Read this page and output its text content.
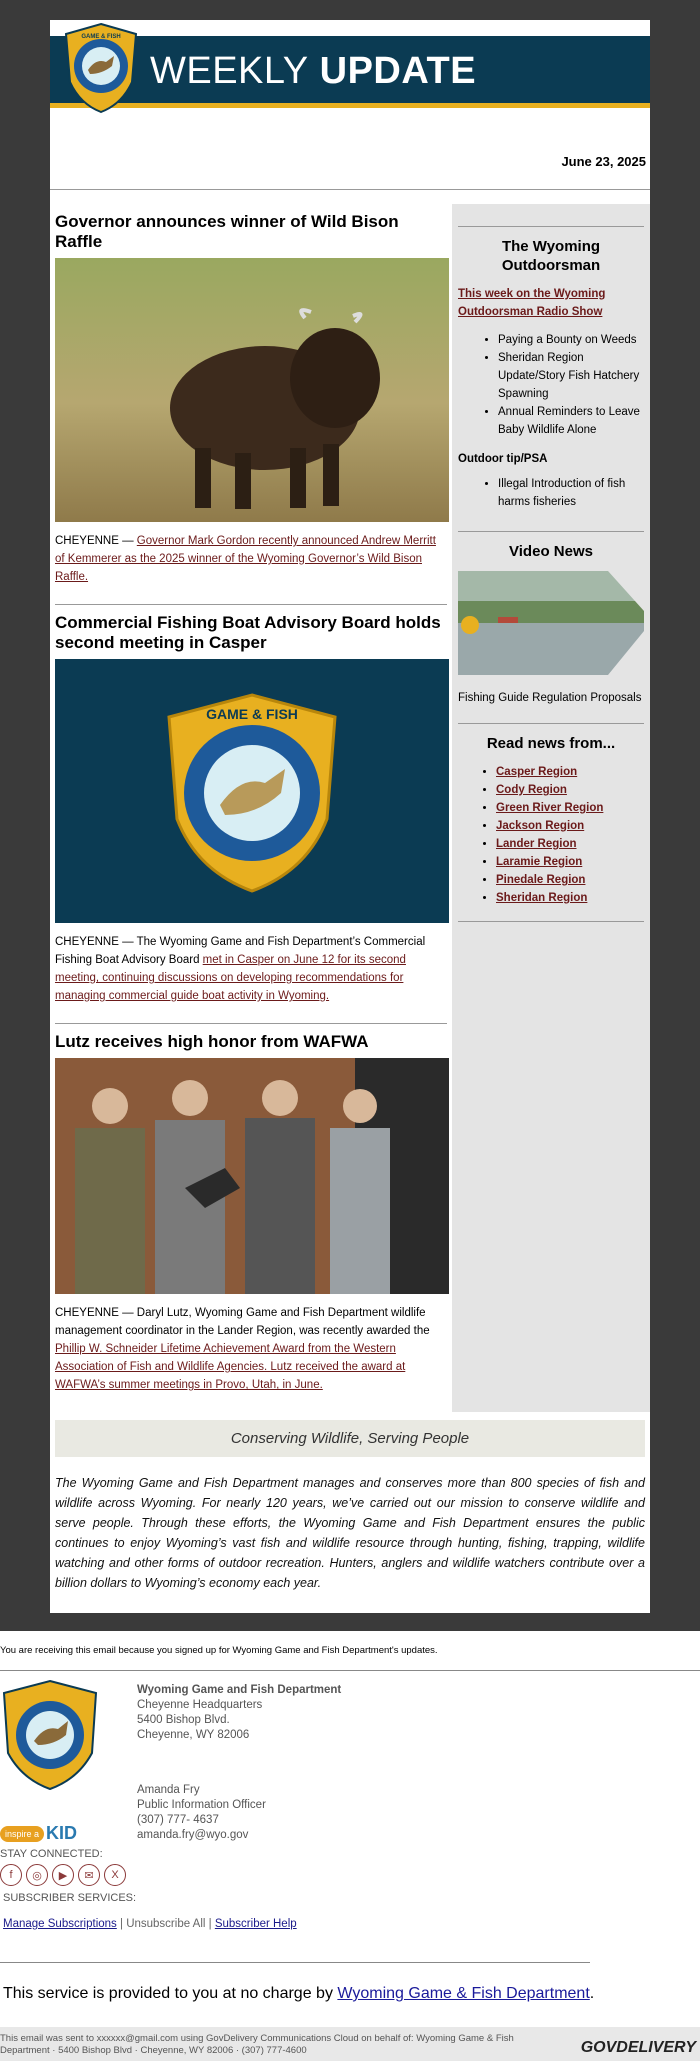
WEEKLY UPDATE
GAME & FISH
June 23, 2025
Governor announces winner of Wild Bison Raffle

CHEYENNE — Governor Mark Gordon recently announced Andrew Merritt of Kemmerer as the 2025 winner of the Wyoming Governor’s Wild Bison Raffle.

Commercial Fishing Boat Advisory Board holds second meeting in Casper
GAME & FISH

CHEYENNE — The Wyoming Game and Fish Department’s Commercial Fishing Boat Advisory Board met in Casper on June 12 for its second meeting, continuing discussions on developing recommendations for managing commercial guide boat activity in Wyoming.

Lutz receives high honor from WAFWA

CHEYENNE — Daryl Lutz, Wyoming Game and Fish Department wildlife management coordinator in the Lander Region, was recently awarded the Phillip W. Schneider Lifetime Achievement Award from the Western Association of Fish and Wildlife Agencies. Lutz received the award at WAFWA’s summer meetings in Provo, Utah, in June.

The Wyoming Outdoorsman

This week on the Wyoming Outdoorsman Radio Show

• Paying a Bounty on Weeds
• Sheridan Region Update/Story Fish Hatchery Spawning
• Annual Reminders to Leave Baby Wildlife Alone
Outdoor tip/PSA
• Illegal Introduction of fish harms fisheries
Video News

Fishing Guide Regulation Proposals

Read news from...
• Casper Region
• Cody Region
• Green River Region
• Jackson Region
• Lander Region
• Laramie Region
• Pinedale Region
• Sheridan Region
Conserving Wildlife, Serving People

The Wyoming Game and Fish Department manages and conserves more than 800 species of fish and wildlife across Wyoming. For nearly 120 years, we’ve carried out our mission to conserve wildlife and serve people. Through these efforts, the Wyoming Game and Fish Department ensures the public continues to enjoy Wyoming’s vast fish and wildlife resource through hunting, fishing, trapping, wildlife watching and other forms of outdoor recreation. Hunters, anglers and wildlife watchers contribute over a billion dollars to Wyoming’s economy each year.

You are receiving this email because you signed up for Wyoming Game and Fish Department's updates.
Wyoming Game and Fish Department
Cheyenne Headquarters
5400 Bishop Blvd.
Cheyenne, WY 82006
Amanda Fry
Public Information Officer
(307) 777- 4637
amanda.fry@wyo.gov
inspire a KID
STAY CONNECTED:
f	◎	▶	✉	X
SUBSCRIBER SERVICES:
Manage Subscriptions | Unsubscribe All | Subscriber Help
This service is provided to you at no charge by Wyoming Game & Fish Department.
This email was sent to xxxxxx@gmail.com using GovDelivery Communications Cloud on behalf of: Wyoming Game & Fish Department · 5400 Bishop Blvd · Cheyenne, WY 82006 · (307) 777-4600	GOVDELIVERY
